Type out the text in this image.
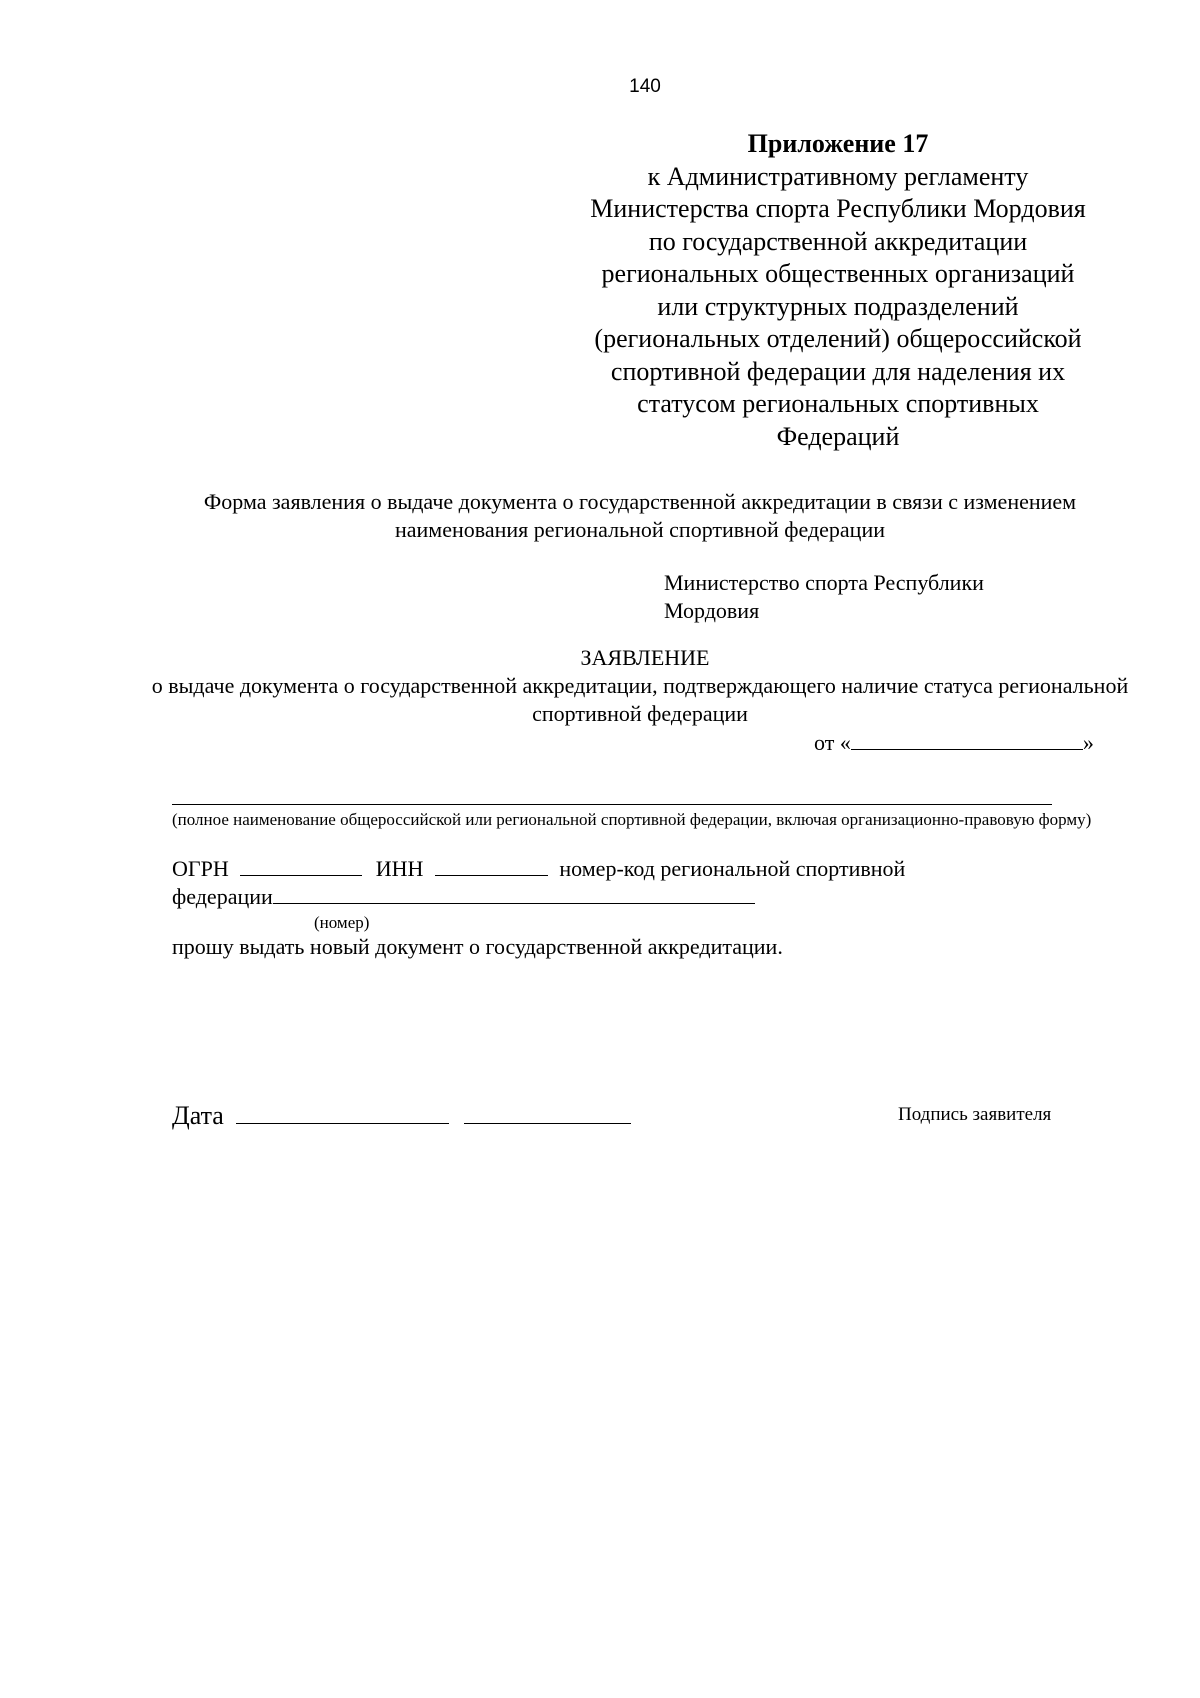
140
Приложение 17
к Административному регламенту
Министерства спорта Республики Мордовия
по государственной аккредитации
региональных общественных организаций
или структурных подразделений
(региональных отделений) общероссийской
спортивной федерации для наделения их
статусом региональных спортивных
Федераций
Форма заявления о выдаче документа о государственной аккредитации в связи с изменением наименования региональной спортивной федерации
Министерство спорта Республики Мордовия
ЗАЯВЛЕНИЕ
о выдаче документа о государственной аккредитации, подтверждающего наличие статуса региональной спортивной федерации
от «	»
(полное наименование общероссийской или региональной спортивной федерации, включая организационно-правовую форму)
ОГРН	ИНН	номер-код региональной спортивной
федерации
(номер)
прошу выдать новый документ о государственной аккредитации.
Дата	Подпись заявителя
